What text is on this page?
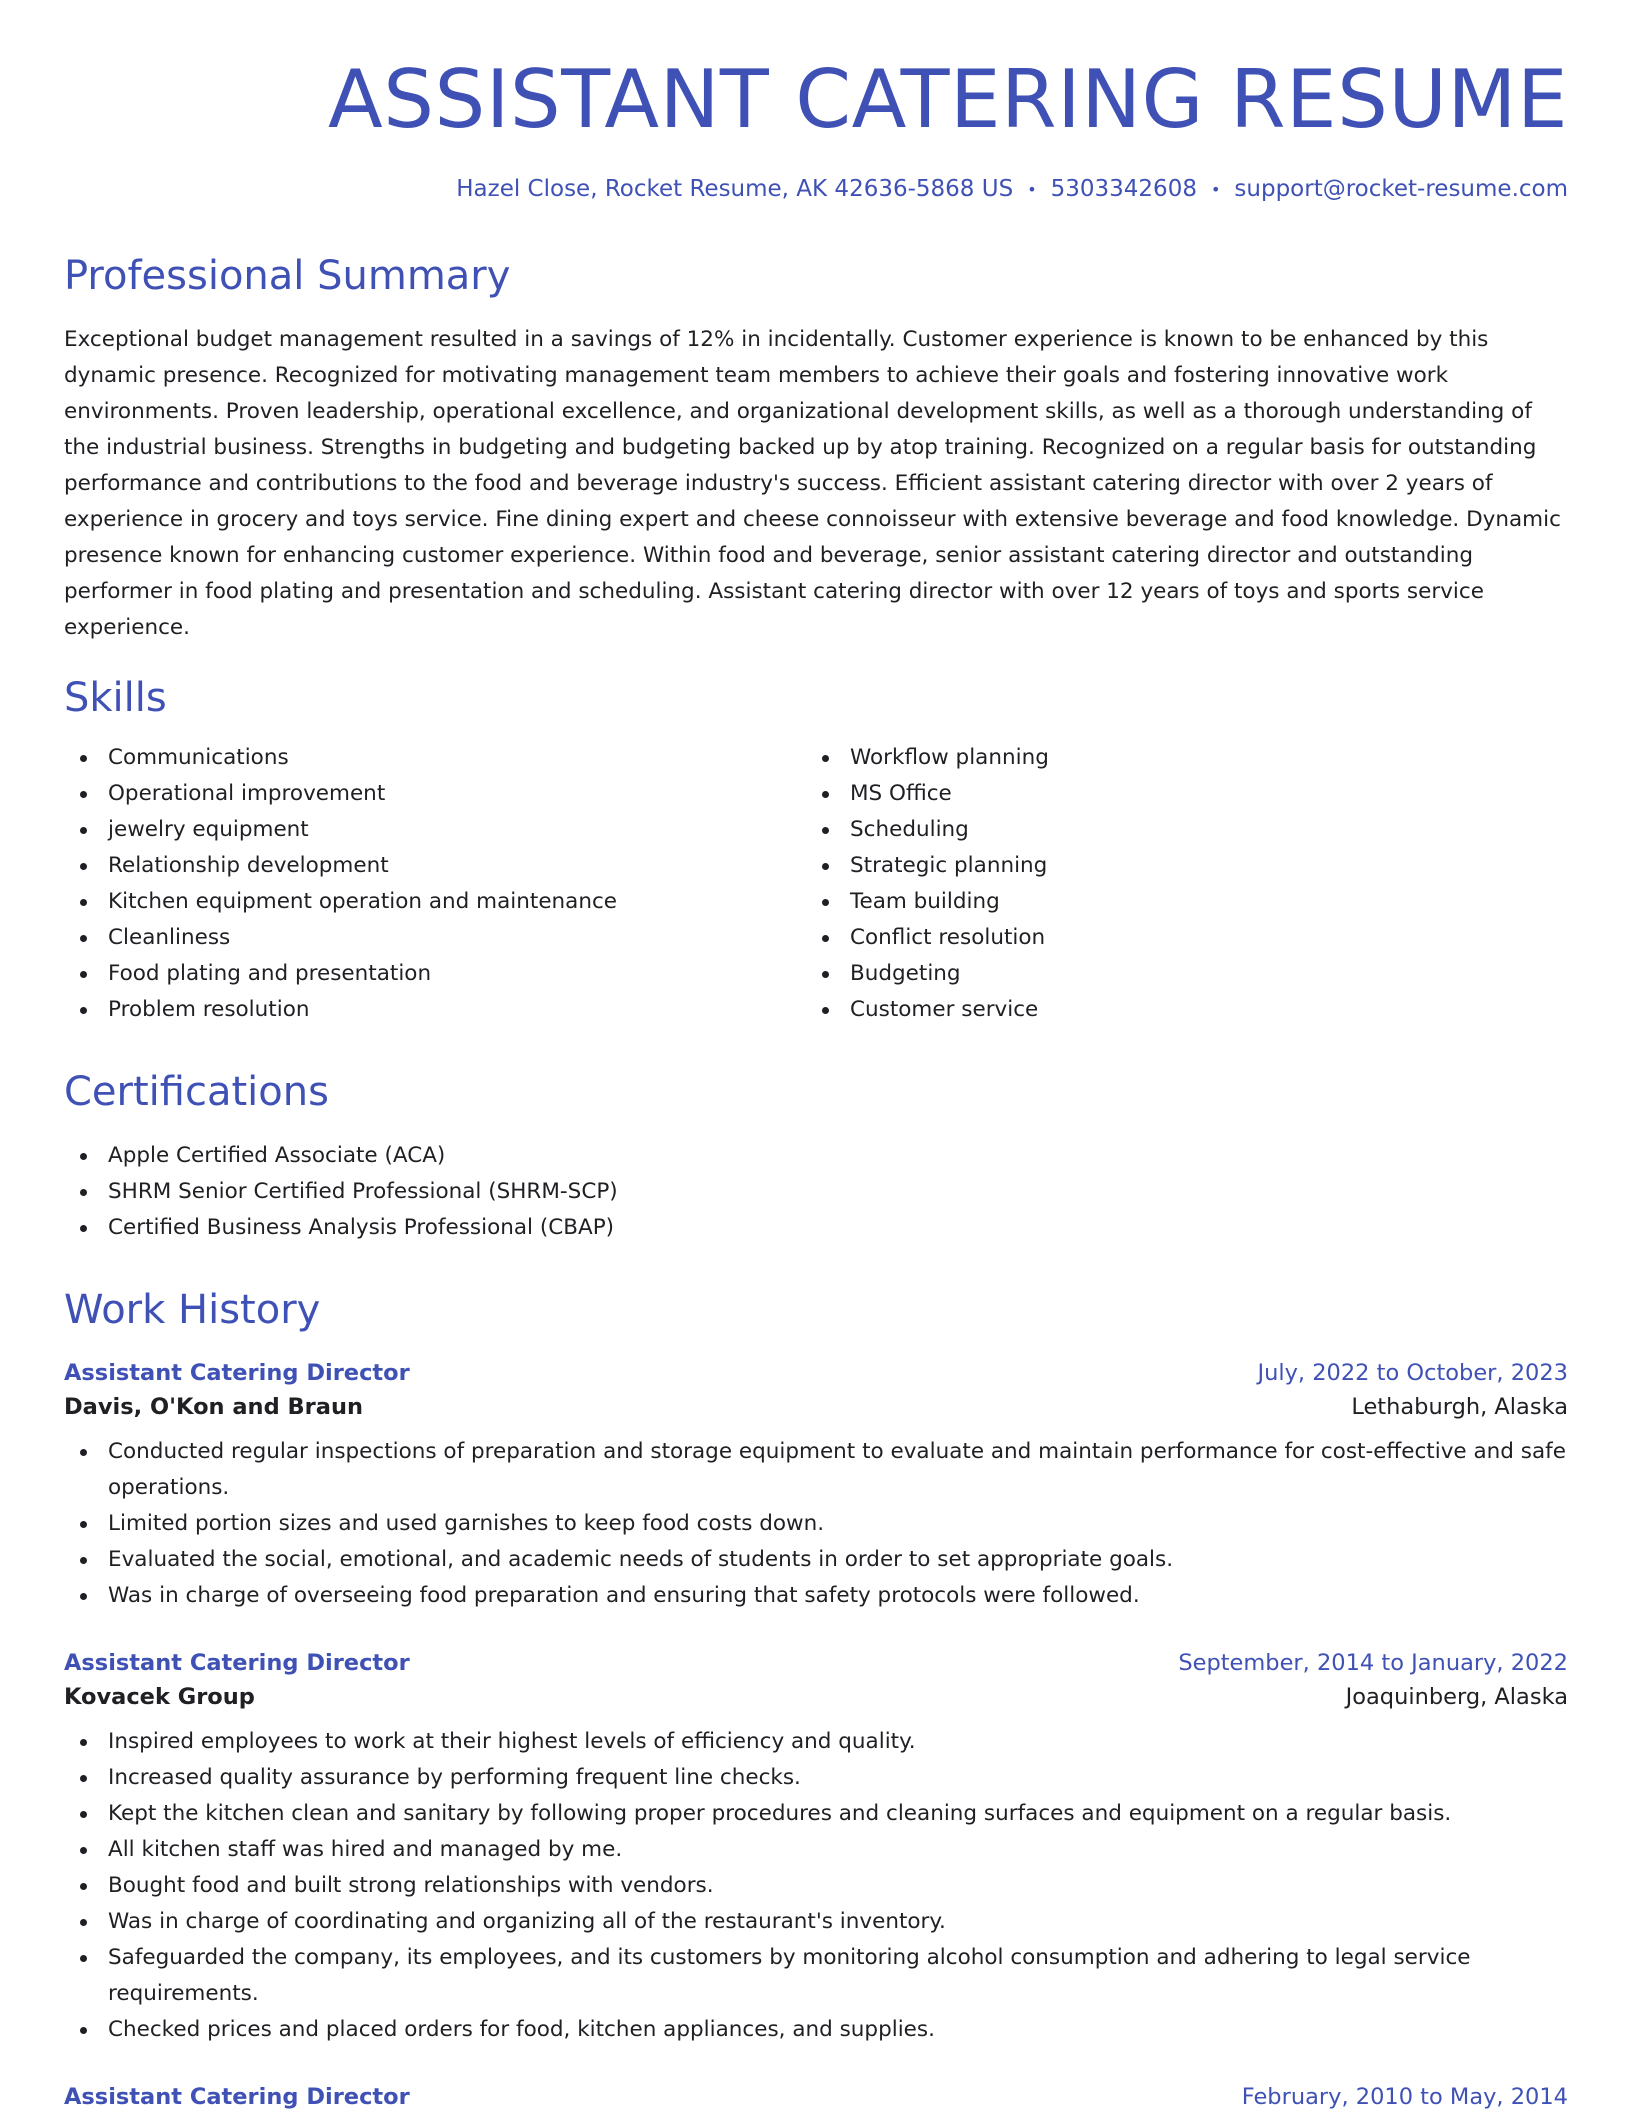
ASSISTANT CATERING RESUME
Hazel Close, Rocket Resume, AK 42636-5868 US • 5303342608 • support@rocket-resume.com
Professional Summary

Exceptional budget management resulted in a savings of 12% in incidentally. Customer experience is known to be enhanced by this dynamic presence. Recognized for motivating management team members to achieve their goals and fostering innovative work environments. Proven leadership, operational excellence, and organizational development skills, as well as a thorough understanding of the industrial business. Strengths in budgeting and budgeting backed up by atop training. Recognized on a regular basis for outstanding performance and contributions to the food and beverage industry's success. Efficient assistant catering director with over 2 years of experience in grocery and toys service. Fine dining expert and cheese connoisseur with extensive beverage and food knowledge. Dynamic presence known for enhancing customer experience. Within food and beverage, senior assistant catering director and outstanding performer in food plating and presentation and scheduling. Assistant catering director with over 12 years of toys and sports service experience.

Skills
Communications
Operational improvement
jewelry equipment
Relationship development
Kitchen equipment operation and maintenance
Cleanliness
Food plating and presentation
Problem resolution
Workflow planning
MS Office
Scheduling
Strategic planning
Team building
Conflict resolution
Budgeting
Customer service
Certifications
Apple Certified Associate (ACA)
SHRM Senior Certified Professional (SHRM-SCP)
Certified Business Analysis Professional (CBAP)
Work History
Assistant Catering Director	July, 2022 to October, 2023
Davis, O'Kon and Braun	Lethaburgh, Alaska
Conducted regular inspections of preparation and storage equipment to evaluate and maintain performance for cost-effective and safe operations.
Limited portion sizes and used garnishes to keep food costs down.
Evaluated the social, emotional, and academic needs of students in order to set appropriate goals.
Was in charge of overseeing food preparation and ensuring that safety protocols were followed.
Assistant Catering Director	September, 2014 to January, 2022
Kovacek Group	Joaquinberg, Alaska
Inspired employees to work at their highest levels of efficiency and quality.
Increased quality assurance by performing frequent line checks.
Kept the kitchen clean and sanitary by following proper procedures and cleaning surfaces and equipment on a regular basis.
All kitchen staff was hired and managed by me.
Bought food and built strong relationships with vendors.
Was in charge of coordinating and organizing all of the restaurant's inventory.
Safeguarded the company, its employees, and its customers by monitoring alcohol consumption and adhering to legal service requirements.
Checked prices and placed orders for food, kitchen appliances, and supplies.
Assistant Catering Director	February, 2010 to May, 2014
